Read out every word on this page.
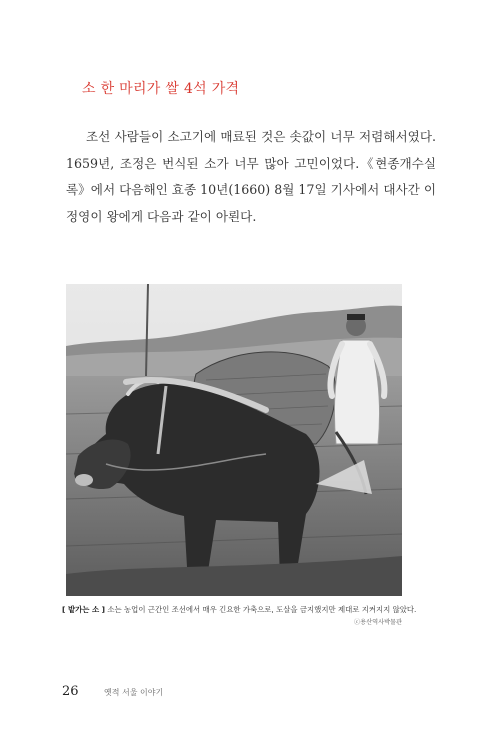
소 한 마리가 쌀 4석 가격

조선 사람들이 소고기에 매료된 것은 솟값이 너무 저렴해서였다. 1659년, 조정은 번식된 소가 너무 많아 고민이었다.《현종개수실록》에서 다음해인 효종 10년(1660) 8월 17일 기사에서 대사간 이정영이 왕에게 다음과 같이 아뢴다.

[ 밭가는 소 ] 소는 농업이 근간인 조선에서 매우 긴요한 가축으로, 도살을 금지했지만 제대로 지켜지지 않았다.
ⓒ용산역사박물관
26	옛적 서울 이야기
